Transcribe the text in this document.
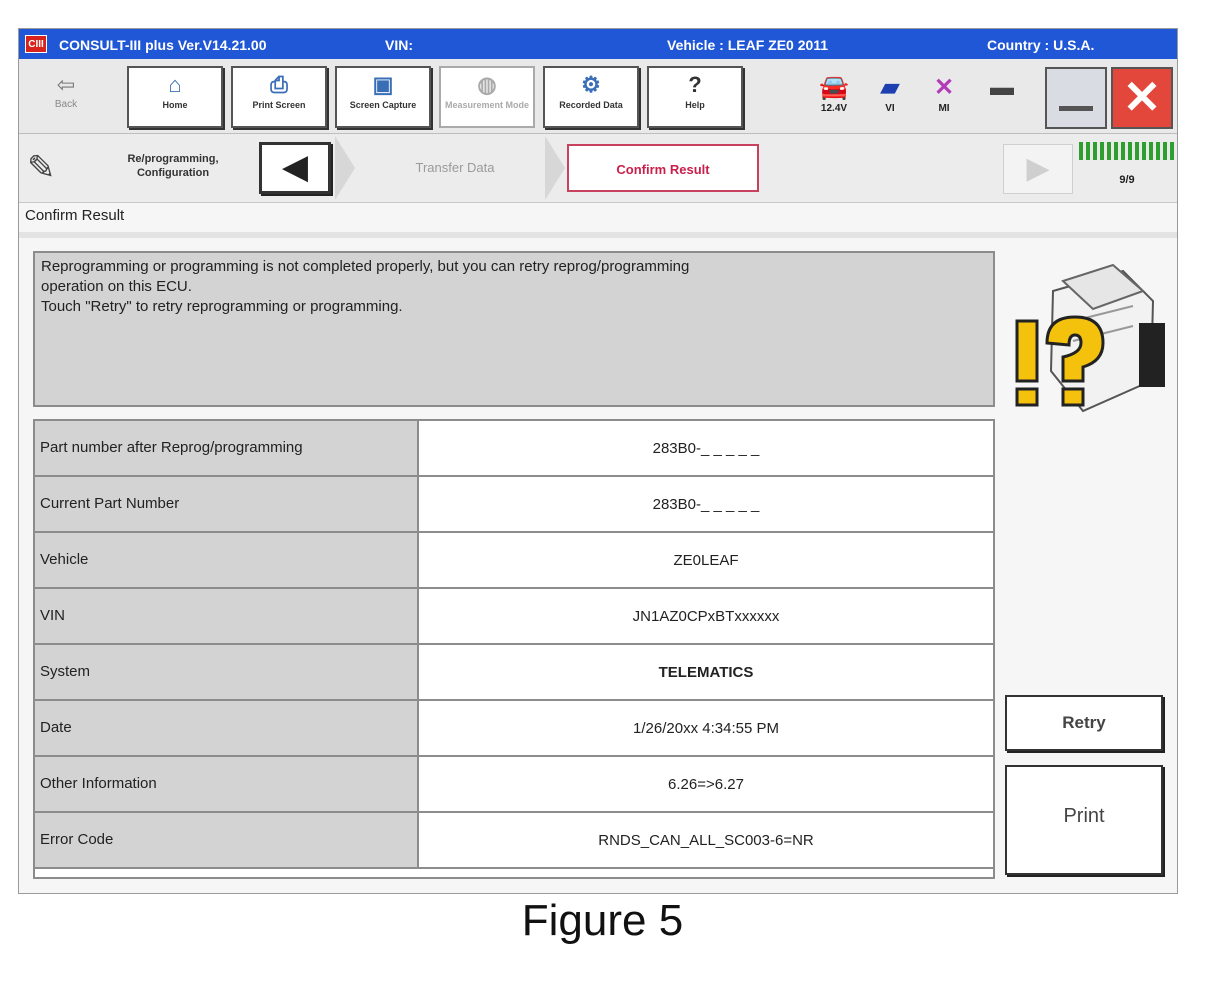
CIII CONSULT-III plus Ver.V14.21.00	VIN:	Vehicle : LEAF ZE0 2011	Country : U.S.A.
⇦
Back
⌂
Home
⎙
Print Screen
▣
Screen Capture
◍
Measurement Mode
⚙
Recorded Data
?
Help
🚘
12.4V
▰
VI
✕
MI
▬ ✕
✎	Re/programming, Configuration	◀	Transfer Data	Confirm Result	▶	9/9
Confirm Result
Reprogramming or programming is not completed properly, but you can retry reprog/programming
operation on this ECU.
Touch "Retry" to retry reprogramming or programming.
Part number after Reprog/programming	283B0-_ _ _ _ _
Current Part Number	283B0-_ _ _ _ _
Vehicle	ZE0LEAF
VIN	JN1AZ0CPxBTxxxxxx
System	TELEMATICS
Date	1/26/20xx 4:34:55 PM
Other Information	6.26=>6.27
Error Code	RNDS_CAN_ALL_SC003-6=NR
Retry
Print
Figure 5
